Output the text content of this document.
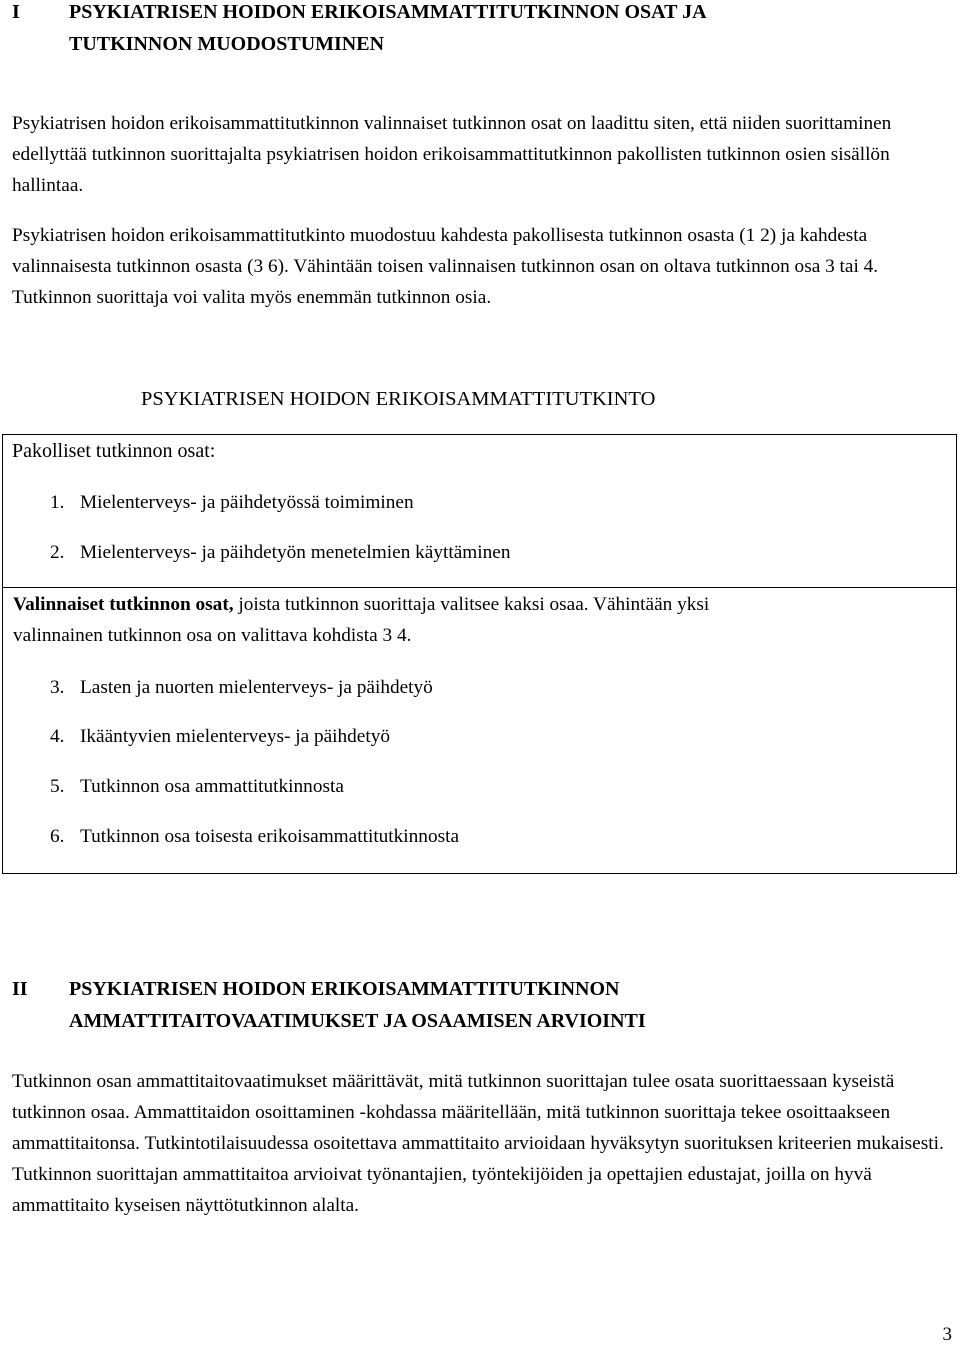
I PSYKIATRISEN HOIDON ERIKOISAMMATTITUTKINNON OSAT JA
TUTKINNON MUODOSTUMINEN

Psykiatrisen hoidon erikoisammattitutkinnon valinnaiset tutkinnon osat on laadittu siten, että niiden suorittaminen edellyttää tutkinnon suorittajalta psykiatrisen hoidon erikoisammattitutkinnon pakollisten tutkinnon osien sisällön hallintaa.

Psykiatrisen hoidon erikoisammattitutkinto muodostuu kahdesta pakollisesta tutkinnon osasta (1 2) ja kahdesta valinnaisesta tutkinnon osasta (3 6). Vähintään toisen valinnaisen tutkinnon osan on oltava tutkinnon osa 3 tai 4. Tutkinnon suorittaja voi valita myös enemmän tutkinnon osia.

PSYKIATRISEN HOIDON ERIKOISAMMATTITUTKINTO
Pakolliset tutkinnon osat:
1. Mielenterveys- ja päihdetyössä toimiminen
2. Mielenterveys- ja päihdetyön menetelmien käyttäminen
Valinnaiset tutkinnon osat, joista tutkinnon suorittaja valitsee kaksi osaa. Vähintään yksi
valinnainen tutkinnon osa on valittava kohdista 3 4.
3. Lasten ja nuorten mielenterveys- ja päihdetyö
4. Ikääntyvien mielenterveys- ja päihdetyö
5. Tutkinnon osa ammattitutkinnosta
6. Tutkinnon osa toisesta erikoisammattitutkinnosta
II PSYKIATRISEN HOIDON ERIKOISAMMATTITUTKINNON
AMMATTITAITOVAATIMUKSET JA OSAAMISEN ARVIOINTI

Tutkinnon osan ammattitaitovaatimukset määrittävät, mitä tutkinnon suorittajan tulee osata suorittaessaan kyseistä tutkinnon osaa. Ammattitaidon osoittaminen -kohdassa määritellään, mitä tutkinnon suorittaja tekee osoittaakseen ammattitaitonsa. Tutkintotilaisuudessa osoitettava ammattitaito arvioidaan hyväksytyn suorituksen kriteerien mukaisesti. Tutkinnon suorittajan ammattitaitoa arvioivat työnantajien, työntekijöiden ja opettajien edustajat, joilla on hyvä ammattitaito kyseisen näyttötutkinnon alalta.

3
